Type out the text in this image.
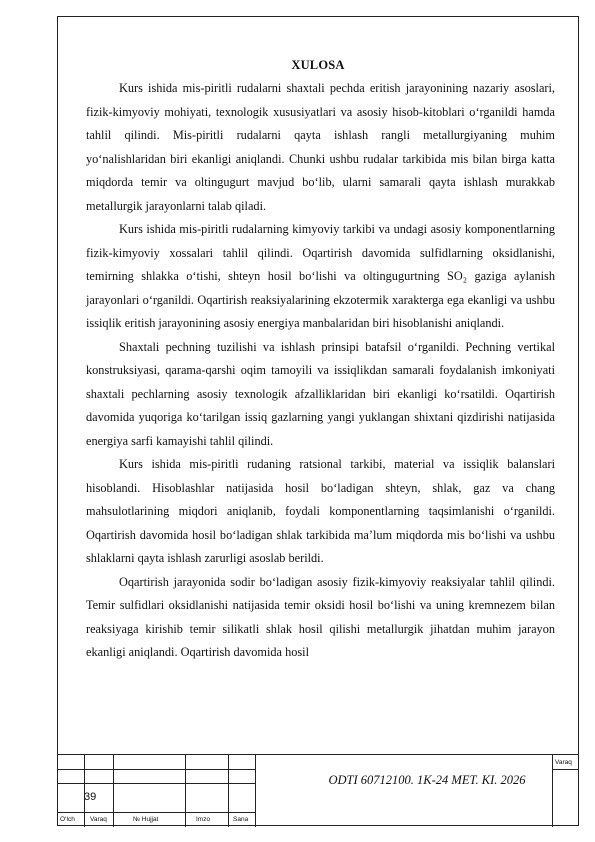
XULOSA

Kurs ishida mis-piritli rudalarni shaxtali pechda eritish jarayonining nazariy asoslari, fizik-kimyoviy mohiyati, texnologik xususiyatlari va asosiy hisob-kitoblari o‘rganildi hamda tahlil qilindi. Mis-piritli rudalarni qayta ishlash rangli metallurgiyaning muhim yo‘nalishlaridan biri ekanligi aniqlandi. Chunki ushbu rudalar tarkibida mis bilan birga katta miqdorda temir va oltingugurt mavjud bo‘lib, ularni samarali qayta ishlash murakkab metallurgik jarayonlarni talab qiladi.

Kurs ishida mis-piritli rudalarning kimyoviy tarkibi va undagi asosiy komponentlarning fizik-kimyoviy xossalari tahlil qilindi. Oqartirish davomida sulfidlarning oksidlanishi, temirning shlakka o‘tishi, shteyn hosil bo‘lishi va oltingugurtning SO₂ gaziga aylanish jarayonlari o‘rganildi. Oqartirish reaksiyalarining ekzotermik xarakterga ega ekanligi va ushbu issiqlik eritish jarayonining asosiy energiya manbalaridan biri hisoblanishi aniqlandi.

Shaxtali pechning tuzilishi va ishlash prinsipi batafsil o‘rganildi. Pechning vertikal konstruksiyasi, qarama-qarshi oqim tamoyili va issiqlikdan samarali foydalanish imkoniyati shaxtali pechlarning asosiy texnologik afzalliklaridan biri ekanligi ko‘rsatildi. Oqartirish davomida yuqoriga ko‘tarilgan issiq gazlarning yangi yuklangan shixtani qizdirishi natijasida energiya sarfi kamayishi tahlil qilindi.

Kurs ishida mis-piritli rudaning ratsional tarkibi, material va issiqlik balanslari hisoblandi. Hisoblashlar natijasida hosil bo‘ladigan shteyn, shlak, gaz va chang mahsulotlarining miqdori aniqlanib, foydali komponentlarning taqsimlanishi o‘rganildi. Oqartirish davomida hosil bo‘ladigan shlak tarkibida ma’lum miqdorda mis bo‘lishi va ushbu shlaklarni qayta ishlash zarurligi asoslab berildi.

Oqartirish jarayonida sodir bo‘ladigan asosiy fizik-kimyoviy reaksiyalar tahlil qilindi. Temir sulfidlari oksidlanishi natijasida temir oksidi hosil bo‘lishi va uning kremnezem bilan reaksiyaga kirishib temir silikatli shlak hosil qilishi metallurgik jihatdan muhim jarayon ekanligi aniqlandi. Oqartirish davomida hosil

39
ODTI 60712100. 1K-24 MET. KI. 2026
Varaq
O‘lch Varaq	№ Hujjat	Imzo	Sana
